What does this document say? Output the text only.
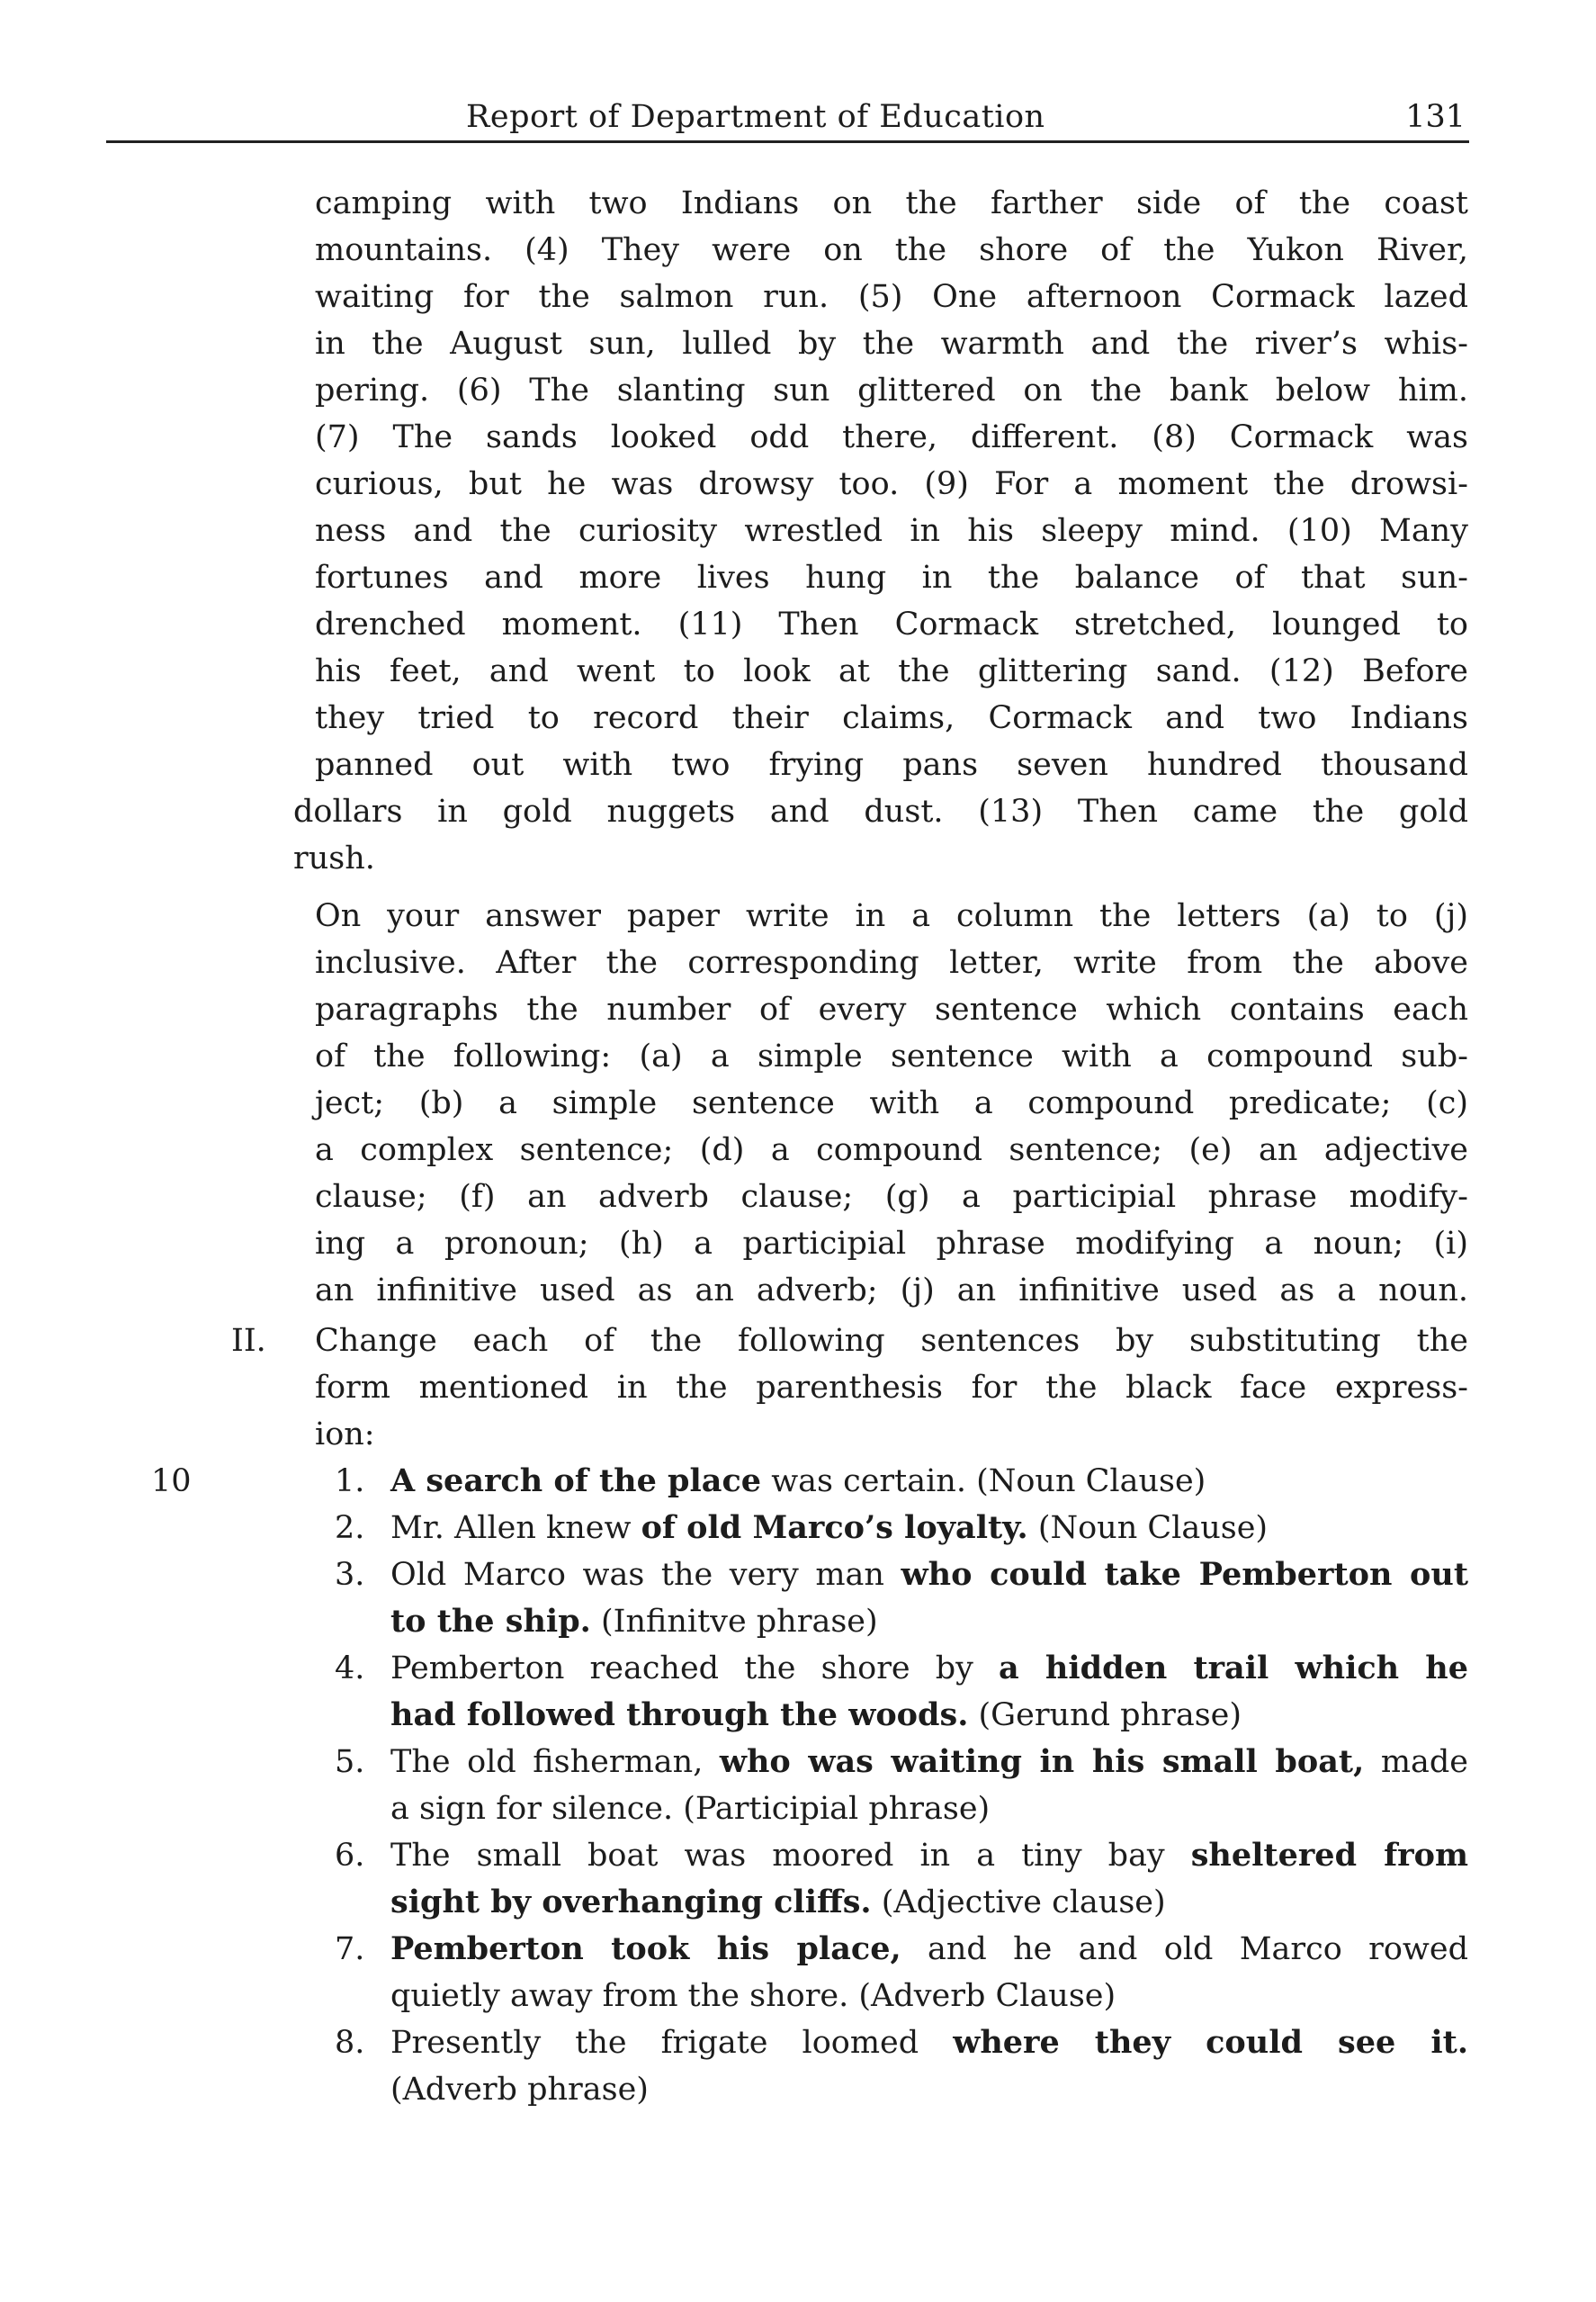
Report of Department of Education	131
camping with two Indians on the farther side of the coast
mountains. (4) They were on the shore of the Yukon River,
waiting for the salmon run. (5) One afternoon Cormack lazed
in the August sun, lulled by the warmth and the river’s whis-
pering. (6) The slanting sun glittered on the bank below him.
(7) The sands looked odd there, different. (8) Cormack was
curious, but he was drowsy too. (9) For a moment the drowsi-
ness and the curiosity wrestled in his sleepy mind. (10) Many
fortunes and more lives hung in the balance of that sun-
drenched moment. (11) Then Cormack stretched, lounged to
his feet, and went to look at the glittering sand. (12) Before
they tried to record their claims, Cormack and two Indians
panned out with two frying pans seven hundred thousand
dollars in gold nuggets and dust. (13) Then came the gold
rush.
On your answer paper write in a column the letters (a) to (j)
inclusive. After the corresponding letter, write from the above
paragraphs the number of every sentence which contains each
of the following: (a) a simple sentence with a compound sub-
ject; (b) a simple sentence with a compound predicate; (c)
a complex sentence; (d) a compound sentence; (e) an adjective
clause; (f) an adverb clause; (g) a participial phrase modify-
ing a pronoun; (h) a participial phrase modifying a noun; (i)
an infinitive used as an adverb; (j) an infinitive used as a noun.
II. Change each of the following sentences by substituting the
form mentioned in the parenthesis for the black face express-
ion:
10	1. A search of the place was certain. (Noun Clause)
2. Mr. Allen knew of old Marco’s loyalty. (Noun Clause)
3. Old Marco was the very man who could take Pemberton out
to the ship. (Infinitve phrase)
4. Pemberton reached the shore by a hidden trail which he
had followed through the woods. (Gerund phrase)
5. The old fisherman, who was waiting in his small boat, made
a sign for silence. (Participial phrase)
6. The small boat was moored in a tiny bay sheltered from
sight by overhanging cliffs. (Adjective clause)
7. Pemberton took his place, and he and old Marco rowed
quietly away from the shore. (Adverb Clause)
8. Presently the frigate loomed where they could see it.
(Adverb phrase)
